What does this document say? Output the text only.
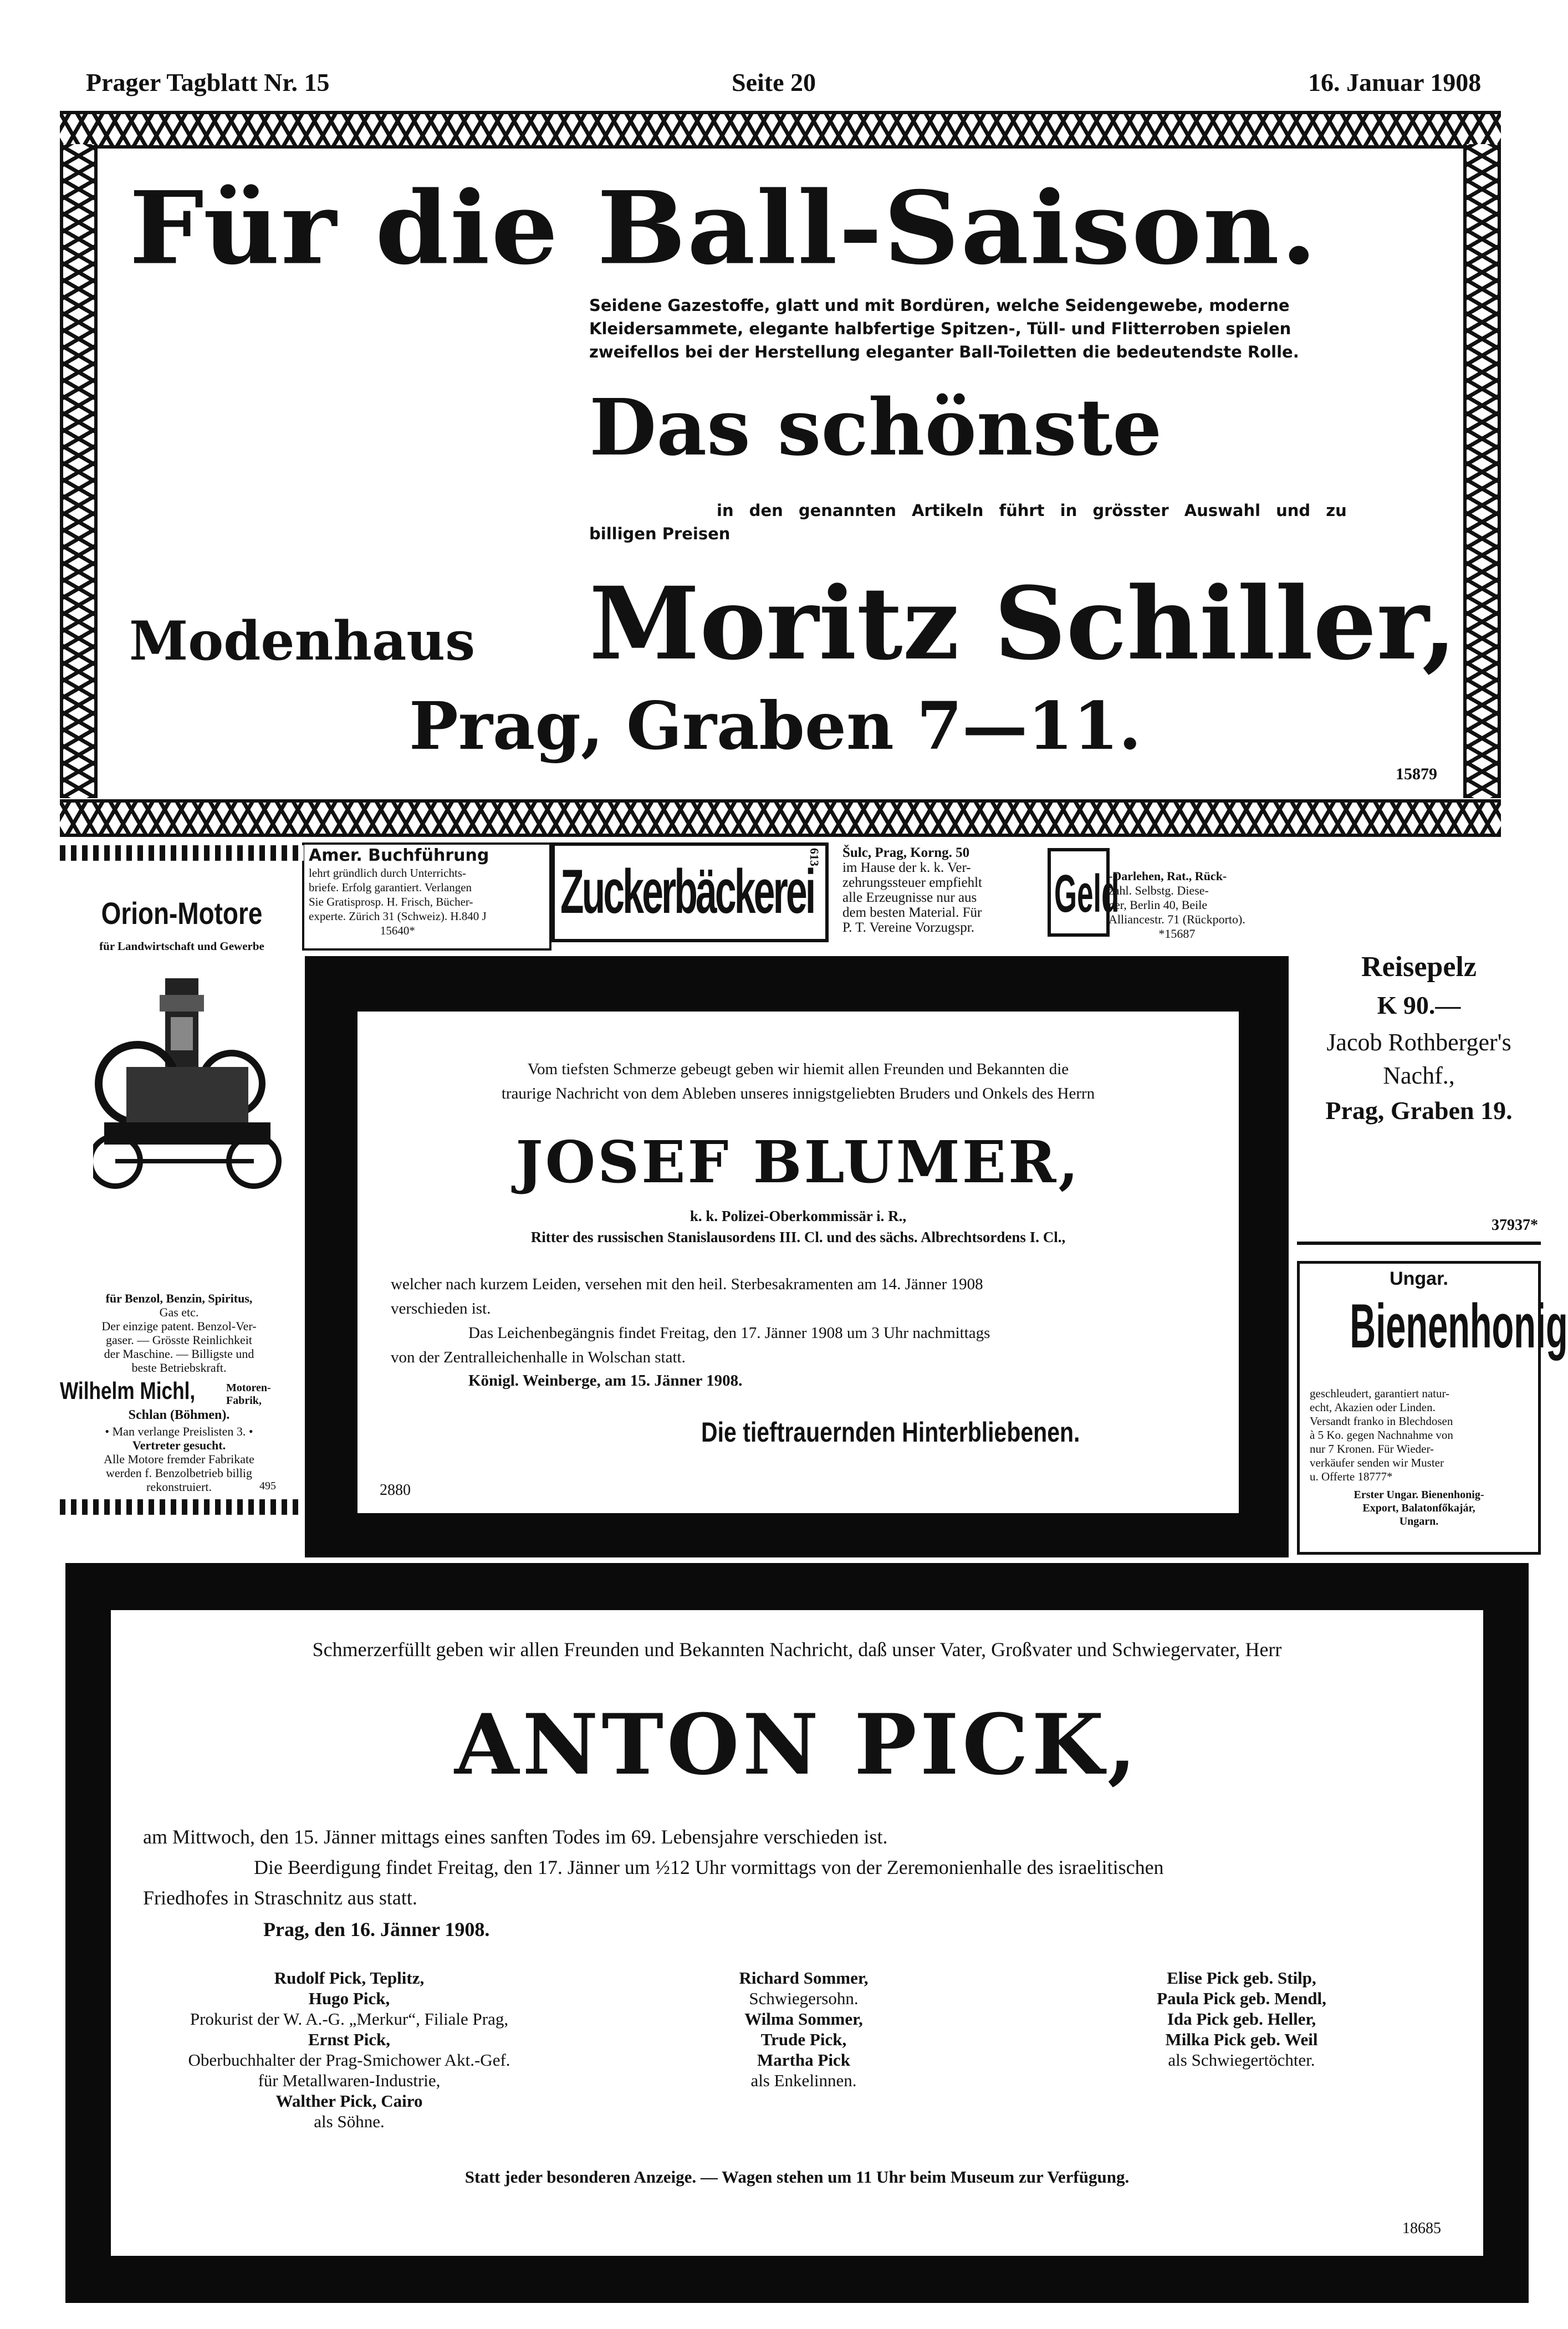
Prager Tagblatt Nr. 15	Seite 20	16. Januar 1908
Für die Ball-Saison.
Seidene Gazestoffe, glatt und mit Bordüren, welche Seidengewebe, moderne
Kleidersammete, elegante halbfertige Spitzen-, Tüll- und Flitterroben spielen
zweifellos bei der Herstellung eleganter Ball-Toiletten die bedeutendste Rolle.
Das schönste
in den genannten Artikeln führt in grösster Auswahl und zu
billigen Preisen
Modenhaus Moritz Schiller,
Prag, Graben 7—11.
15879
Amer. Buchführung
lehrt gründlich durch Unterrichts-
briefe. Erfolg garantiert. Verlangen
Sie Gratisprosp. H. Frisch, Bücher-
experte. Zürich 31 (Schweiz). H.840 J
15640*
Zuckerbäckerei
613 Šulc, Prag, Korng. 50
im Hause der k. k. Ver-
zehrungssteuer empfiehlt
alle Erzeugnisse nur aus
dem besten Material. Für
P. T. Vereine Vorzugspr.
Geld
-Darlehen, Rat., Rück-
zahl. Selbstg. Diese-
ner, Berlin 40, Beile
Alliancestr. 71 (Rückporto).
*15687
Orion-Motore
für Landwirtschaft und Gewerbe
für Benzol, Benzin, Spiritus,
Gas etc.
Der einzige patent. Benzol-Ver-
gaser. — Grösste Reinlichkeit
der Maschine. — Billigste und
beste Betriebskraft.
Wilhelm Michl,	Motoren-Fabrik,
Schlan (Böhmen).
• Man verlange Preislisten 3. •
Vertreter gesucht.
Alle Motore fremder Fabrikate
werden f. Benzolbetrieb billig
rekonstruiert.	495
Vom tiefsten Schmerze gebeugt geben wir hiemit allen Freunden und Bekannten die
traurige Nachricht von dem Ableben unseres innigstgeliebten Bruders und Onkels des Herrn
JOSEF BLUMER,
k. k. Polizei-Oberkommissär i. R.,
Ritter des russischen Stanislausordens III. Cl. und des sächs. Albrechtsordens I. Cl.,
welcher nach kurzem Leiden, versehen mit den heil. Sterbesakramenten am 14. Jänner 1908
verschieden ist.
Das Leichenbegängnis findet Freitag, den 17. Jänner 1908 um 3 Uhr nachmittags
von der Zentralleichenhalle in Wolschan statt.
Königl. Weinberge, am 15. Jänner 1908.
Die tieftrauernden Hinterbliebenen.
2880
Reisepelz
K 90.—
Jacob Rothberger's
Nachf.,
Prag, Graben 19.
37937*
Ungar.
Bienenhonig
geschleudert, garantiert natur-
echt, Akazien oder Linden.
Versandt franko in Blechdosen
à 5 Ko. gegen Nachnahme von
nur 7 Kronen. Für Wieder-
verkäufer senden wir Muster
u. Offerte 18777*
Erster Ungar. Bienenhonig-
Export, Balatonfőkajár,
Ungarn.
Schmerzerfüllt geben wir allen Freunden und Bekannten Nachricht, daß unser Vater, Großvater und Schwiegervater, Herr
ANTON PICK,
am Mittwoch, den 15. Jänner mittags eines sanften Todes im 69. Lebensjahre verschieden ist.
Die Beerdigung findet Freitag, den 17. Jänner um ½12 Uhr vormittags von der Zeremonienhalle des israelitischen
Friedhofes in Straschnitz aus statt.
Prag, den 16. Jänner 1908.
Rudolf Pick, Teplitz,
Hugo Pick,
Prokurist der W. A.-G. „Merkur“, Filiale Prag,
Ernst Pick,
Oberbuchhalter der Prag-Smichower Akt.-Gef.
für Metallwaren-Industrie,
Walther Pick, Cairo
als Söhne.
Richard Sommer,
Schwiegersohn.
Wilma Sommer,
Trude Pick,
Martha Pick
als Enkelinnen.
Elise Pick geb. Stilp,
Paula Pick geb. Mendl,
Ida Pick geb. Heller,
Milka Pick geb. Weil
als Schwiegertöchter.
Statt jeder besonderen Anzeige. — Wagen stehen um 11 Uhr beim Museum zur Verfügung.
18685
